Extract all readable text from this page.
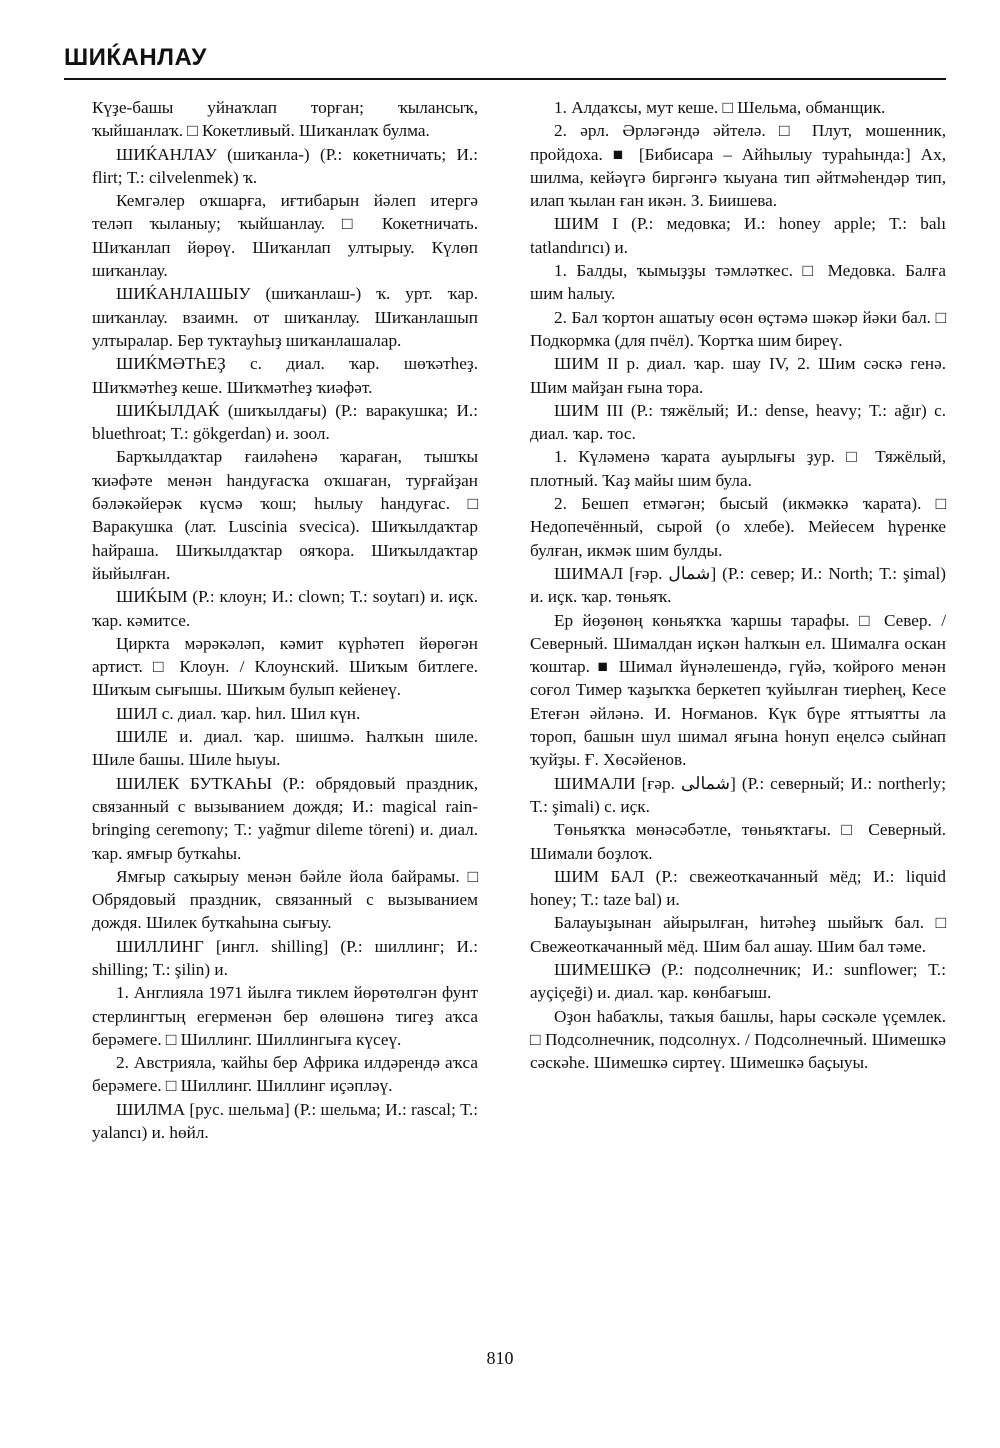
ШИЌАНЛАУ

Күҙе-башы уйнаҡлап торған; ҡылансыҡ, ҡыйшанлаҡ. □ Кокетливый. Шиҡанлаҡ булма.

ШИЌАНЛАУ (шиҡанла-) (Р.: кокетничать; И.: flirt; Т.: cilvelenmek) ҡ.

Кемгәлер оҡшарға, иғтибарын йәлеп итергә теләп ҡыланыу; ҡыйшанлау. □ Кокетничать. Шиҡанлап йөрөү. Шиҡанлап ултырыу. Күлөп шиҡанлау.

ШИЌАНЛАШЫУ (шиҡанлаш-) ҡ. урт. ҡар. шиҡанлау. взаимн. от шиҡанлау. Шиҡанлашып ултыралар. Бер туктауһыҙ шиҡанлашалар.

ШИЌМӘТҺЕҘ с. диал. ҡар. шөҡәтһеҙ. Шиҡмәтһеҙ кеше. Шиҡмәтһеҙ ҡиәфәт.

ШИЌЫЛДАЌ (шиҡылдағы) (Р.: варакушка; И.: bluethroat; Т.: gökgerdan) и. зоол.

Барҡылдаҡтар ғаиләһенә ҡараған, тышҡы ҡиәфәте менән һандуғасҡа оҡшаған, турғайҙан бәләкәйерәк күсмә ҡош; һылыу һандуғас. □ Варакушка (лат. Luscinia svecica). Шиҡылдаҡтар һайраша. Шиҡылдаҡтар ояҡора. Шиҡылдаҡтар йыйылған.

ШИЌЫМ (Р.: клоун; И.: clown; Т.: soytarı) и. иҫк. ҡар. кәмитсе.

Циркта мәрәкәләп, кәмит күрһәтеп йөрөгән артист. □ Клоун. / Клоунский. Шиҡым битлеге. Шиҡым сығышы. Шиҡым булып кейенеү.

ШИЛ с. диал. ҡар. һил. Шил күн.

ШИЛЕ и. диал. ҡар. шишмә. Һалҡын шиле. Шиле башы. Шиле һыуы.

ШИЛЕК БУТКАҺЫ (Р.: обрядовый праздник, связанный с вызыванием дождя; И.: magical rain-bringing ceremony; Т.: yağmur dileme töreni) и. диал. ҡар. ямғыр буткаһы.

Ямғыр саҡырыу менән бәйле йола байрамы. □ Обрядовый праздник, связанный с вызыванием дождя. Шилек буткаһына сығыу.

ШИЛЛИНГ [ингл. shilling] (Р.: шиллинг; И.: shilling; Т.: şilin) и.

1. Англияла 1971 йылға тиклем йөрөтөлгән фунт стерлингтың егерменән бер өлөшөнә тигеҙ аҡса берәмеге. □ Шиллинг. Шиллингыға күсеү.

2. Австрияла, ҡайһы бер Африка илдәрендә аҡса берәмеге. □ Шиллинг. Шиллинг иҫәпләү.

ШИЛМА [рус. шельма] (Р.: шельма; И.: rascal; Т.: yalancı) и. һөйл.

1. Алдаҡсы, мут кеше. □ Шельма, обманщик.

2. әрл. Әрләгәндә әйтелә. □ Плут, мошенник, пройдоха. ■ [Бибисара – Айһылыу турaһында:] Ах, шилма, кейәүгә биргәнгә ҡыуана тип әйтмәһендәр тип, илап ҡылан ған икән. З. Биишева.

ШИМ I (Р.: медовка; И.: honey apple; Т.: balı tatlandırıcı) и.

1. Балды, ҡымыҙҙы тәмләткес. □ Медовка. Балға шим һалыу.

2. Бал ҡортон ашатыу өсөн өҫтәмә шәкәр йәки бал. □ Подкормка (для пчёл). Ҡортҡа шим биреү.

ШИМ II р. диал. ҡар. шау IV, 2. Шим сәскә генә. Шим майҙан ғына тора.

ШИМ III (Р.: тяжёлый; И.: dense, heavy; Т.: ağır) с. диал. ҡар. тос.

1. Күләменә ҡарата ауырлығы ҙур. □ Тяжёлый, плотный. Ҡаҙ майы шим була.

2. Бешеп етмәгән; бысый (икмәккә ҡарата). □ Недопечённый, сырой (о хлебе). Мейесем һүренке булған, икмәк шим булды.

ШИМАЛ [ғәр. شمال] (Р.: север; И.: North; Т.: şimal) и. иҫк. ҡар. төньяҡ.

Ер йөҙөнөң көньяҡҡа ҡаршы тарафы. □ Север. / Северный. Шималдан иҫкән һалҡын ел. Шималға оскан ҡоштар. ■ Шимал йүнәлешендә, гүйә, ҡойроғо менән соғол Тимер ҡаҙыҡҡа беркетеп ҡуйылған тиерһең, Кесе Етеғән әйләнә. И. Ноғманов. Күк бүре яттыятты ла тороп, башын шул шимал яғына һонуп еңелсә сыйнап ҡуйҙы. Ғ. Хөсәйенов.

ШИМАЛИ [ғәр. شمالى] (Р.: северный; И.: northerly; Т.: şimali) с. иҫк.

Төньяҡҡа мөнәсәбәтле, төньяҡтағы. □ Северный. Шимали боҙлоҡ.

ШИМ БАЛ (Р.: свежеоткачанный мёд; И.: liquid honey; Т.: taze bal) и.

Балауыҙынан айырылған, һитәһеҙ шыйыҡ бал. □ Свежеоткачанный мёд. Шим бал ашау. Шим бал тәме.

ШИМЕШКӘ (Р.: подсолнечник; И.: sunflower; Т.: ayçiçeği) и. диал. ҡар. көнбағыш.

Оҙон һабаҡлы, таҡыя башлы, һары сәскәле үҫемлек. □ Подсолнечник, подсолнух. / Подсолнечный. Шимешкә сәскәһе. Шимешкә сиртеү. Шимешкә баҫыуы.

810
